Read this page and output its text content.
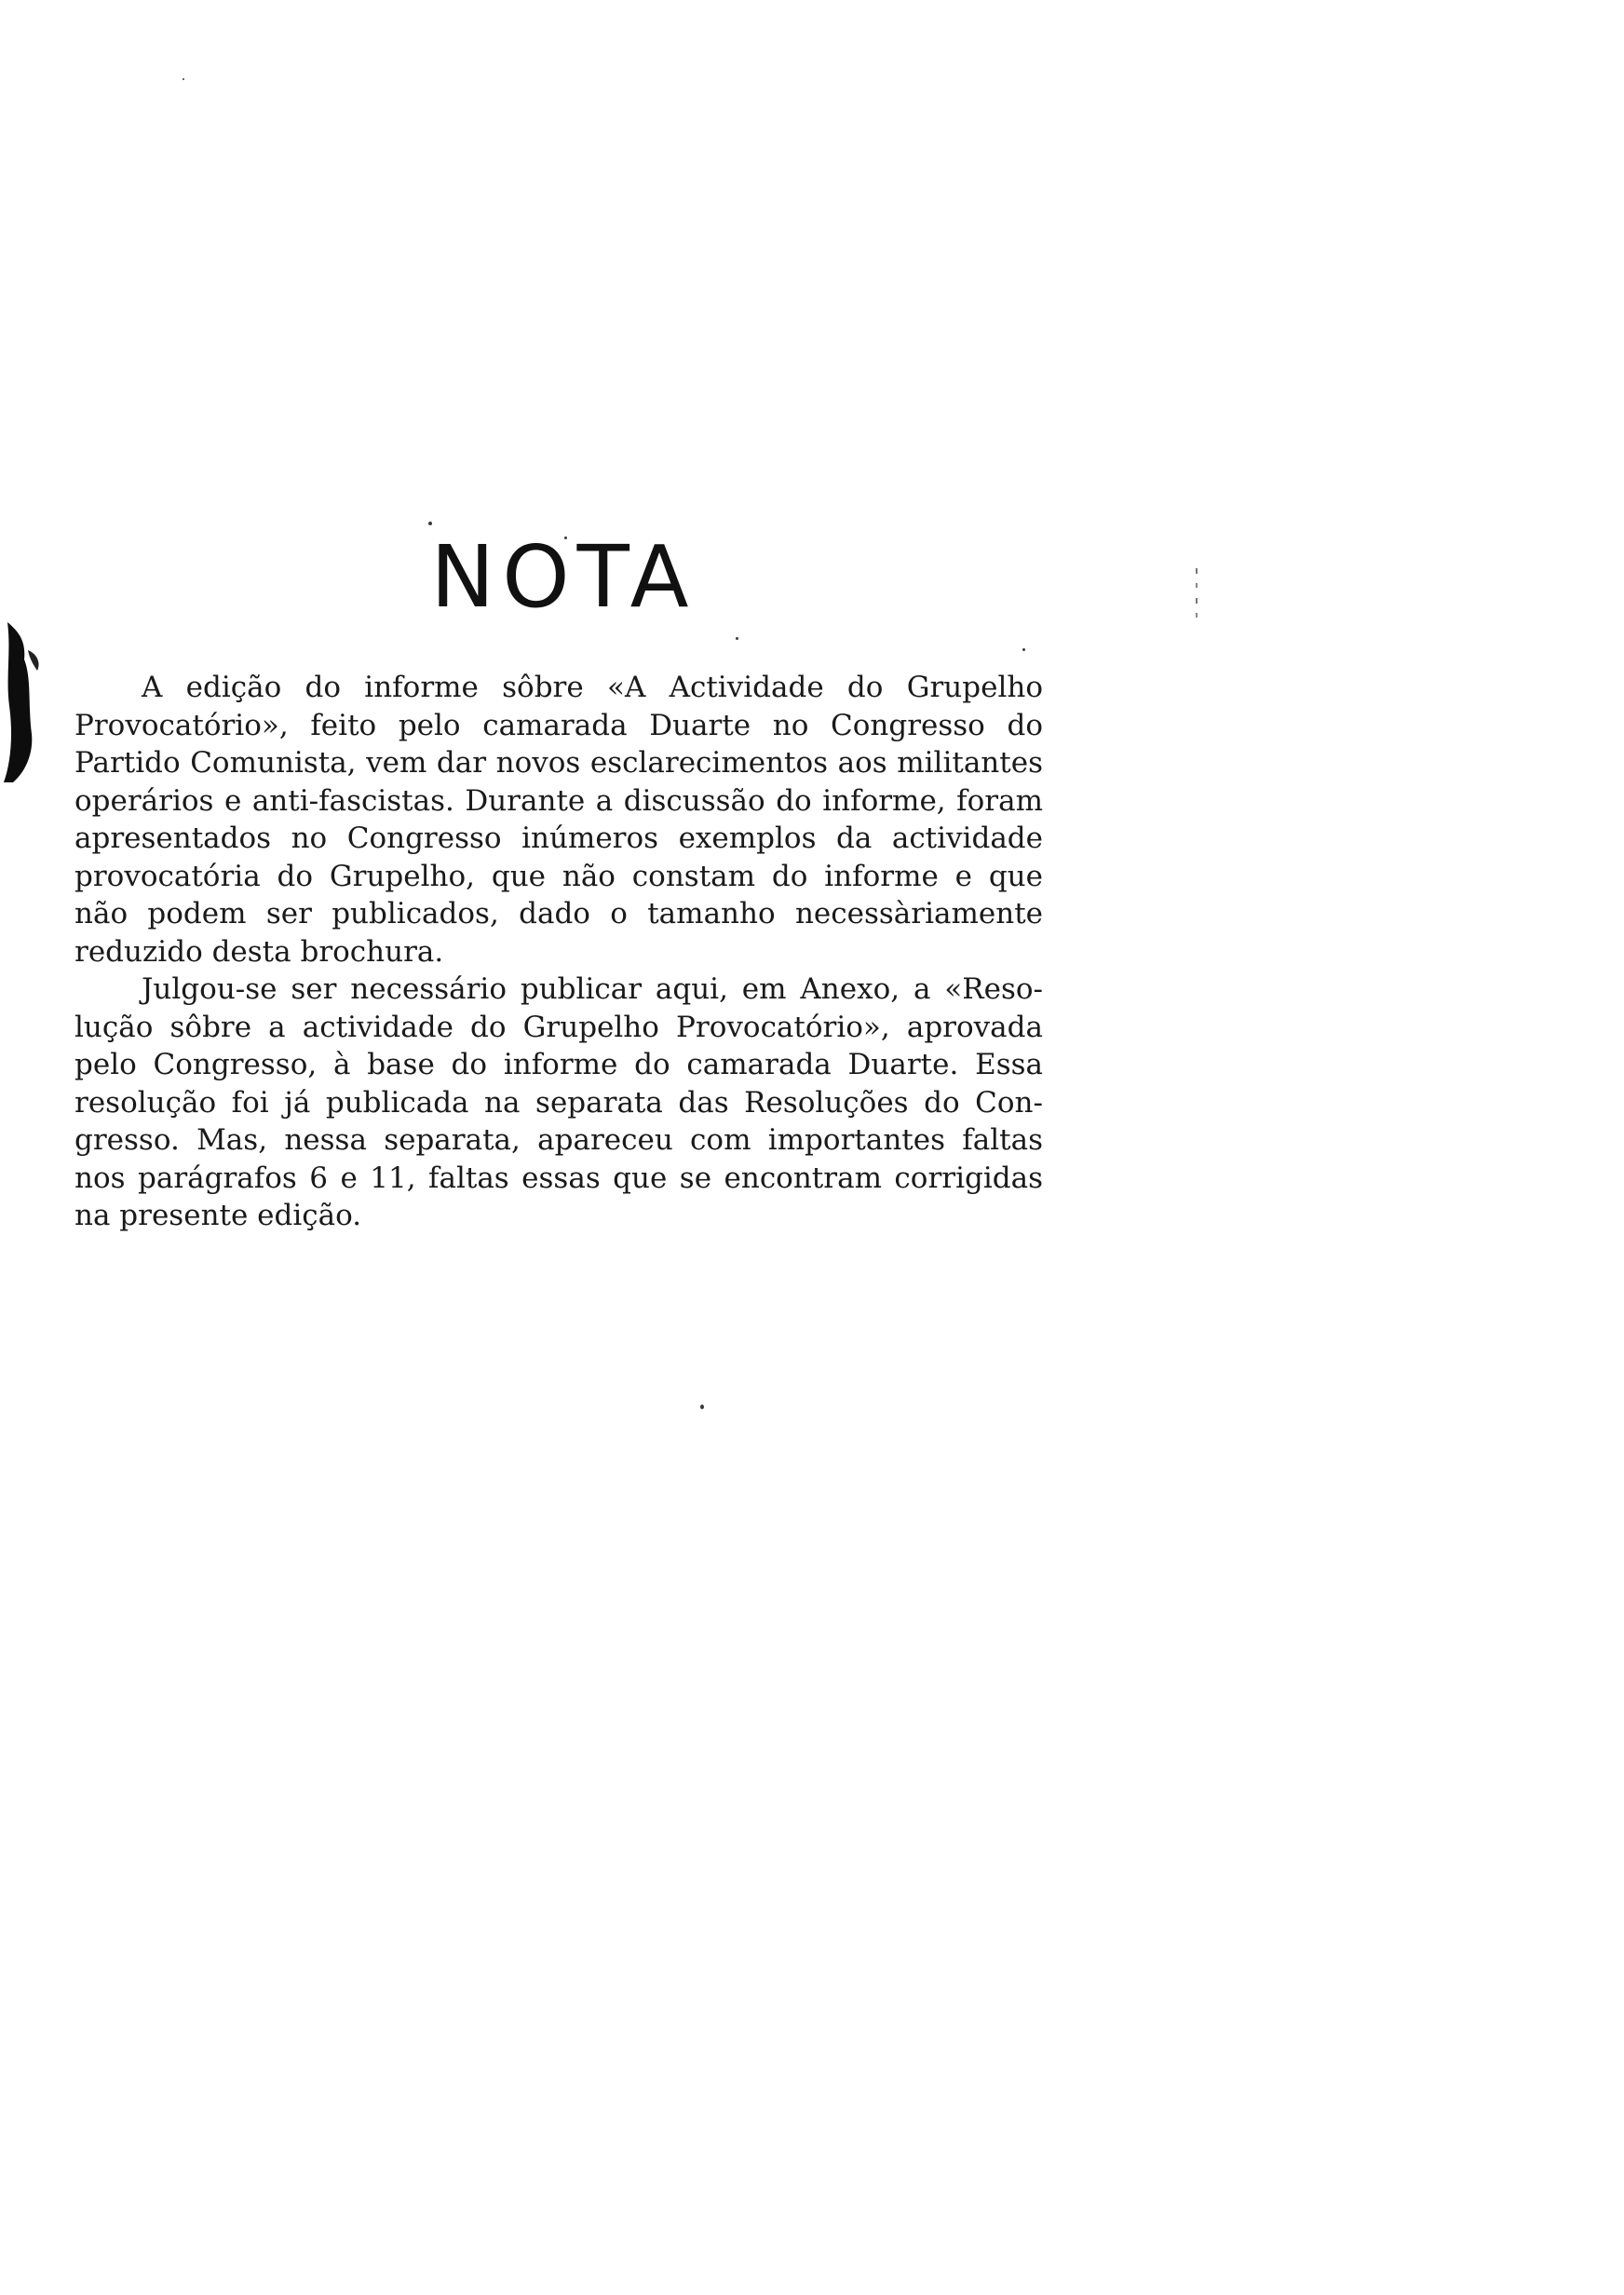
NOTA
A edição do informe sôbre «A Actividade do Grupelho
Provocatório», feito pelo camarada Duarte no Congresso do
Partido Comunista, vem dar novos esclarecimentos aos militantes
operários e anti-fascistas. Durante a discussão do informe, foram
apresentados no Congresso inúmeros exemplos da actividade
provocatória do Grupelho, que não constam do informe e que
não podem ser publicados, dado o tamanho necessàriamente
reduzido desta brochura.
Julgou-se ser necessário publicar aqui, em Anexo, a «Reso-
lução sôbre a actividade do Grupelho Provocatório», aprovada
pelo Congresso, à base do informe do camarada Duarte. Essa
resolução foi já publicada na separata das Resoluções do Con-
gresso. Mas, nessa separata, apareceu com importantes faltas
nos parágrafos 6 e 11, faltas essas que se encontram corrigidas
na presente edição.
